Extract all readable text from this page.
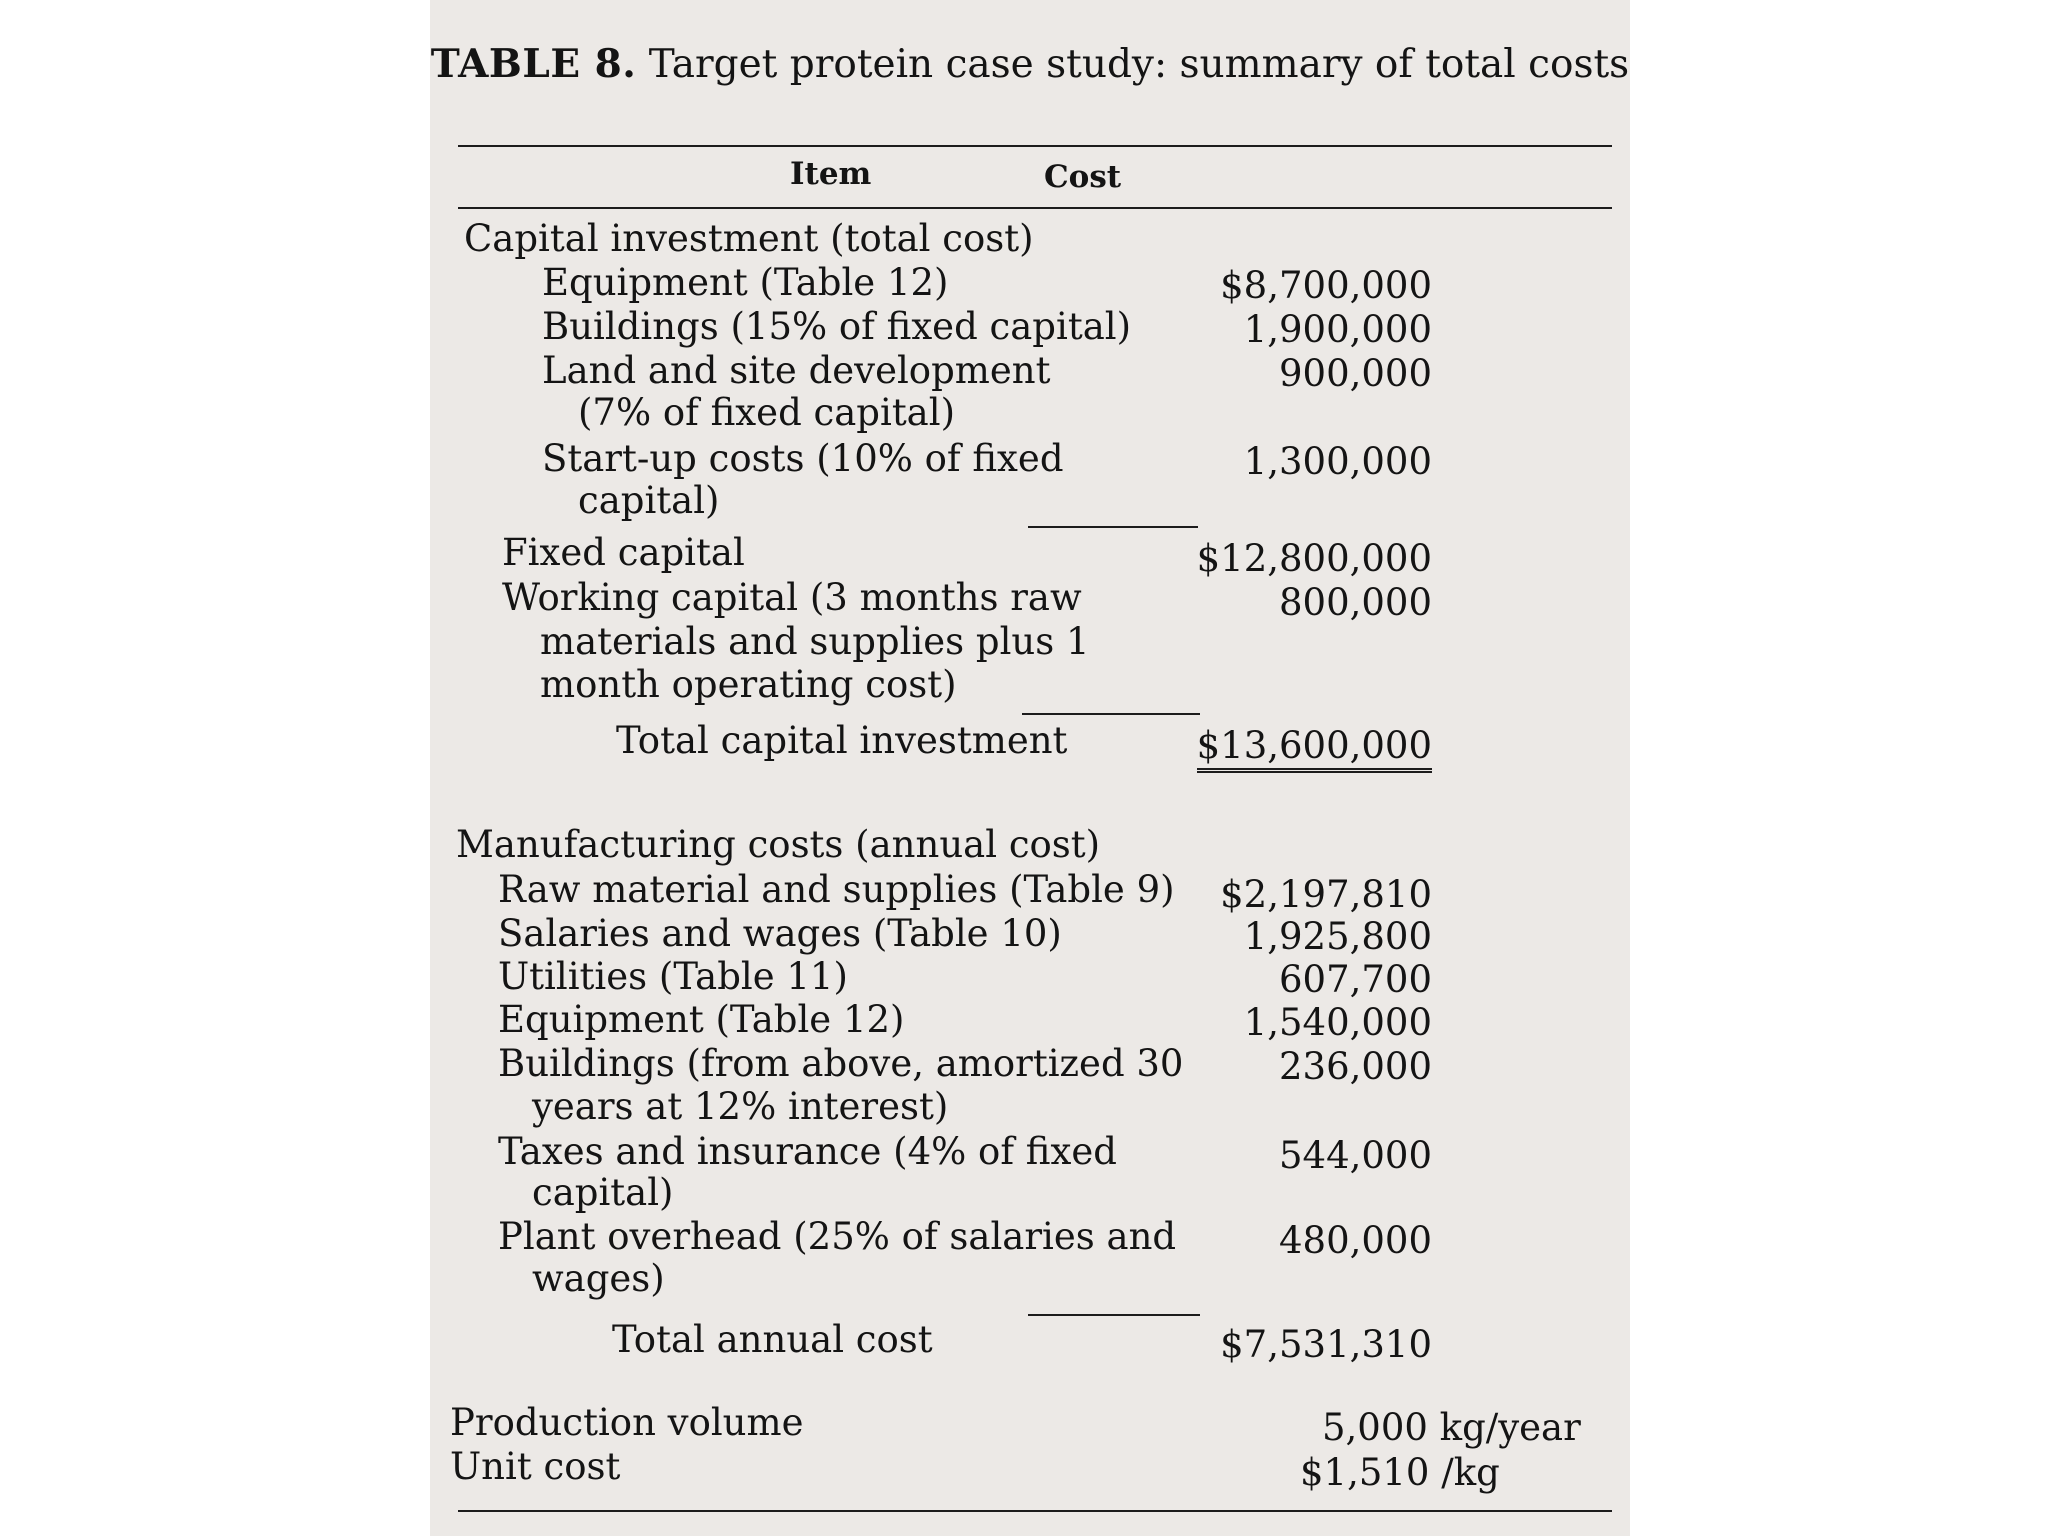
TABLE 8. Target protein case study: summary of total costs
Item	Cost
Capital investment (total cost)
Equipment (Table 12)	$8,700,000
Buildings (15% of fixed capital)	1,900,000
Land and site development	900,000
(7% of fixed capital)
Start-up costs (10% of fixed	1,300,000
capital)
Fixed capital	$12,800,000
Working capital (3 months raw	800,000
materials and supplies plus 1
month operating cost)
Total capital investment	$13,600,000
Manufacturing costs (annual cost)
Raw material and supplies (Table 9) $2,197,810
Salaries and wages (Table 10)	1,925,800
Utilities (Table 11)	607,700
Equipment (Table 12)	1,540,000
Buildings (from above, amortized 30	236,000
years at 12% interest)
Taxes and insurance (4% of fixed	544,000
capital)
Plant overhead (25% of salaries and	480,000
wages)
Total annual cost	$7,531,310
Production volume	5,000 kg/year
Unit cost	$1,510 /kg
